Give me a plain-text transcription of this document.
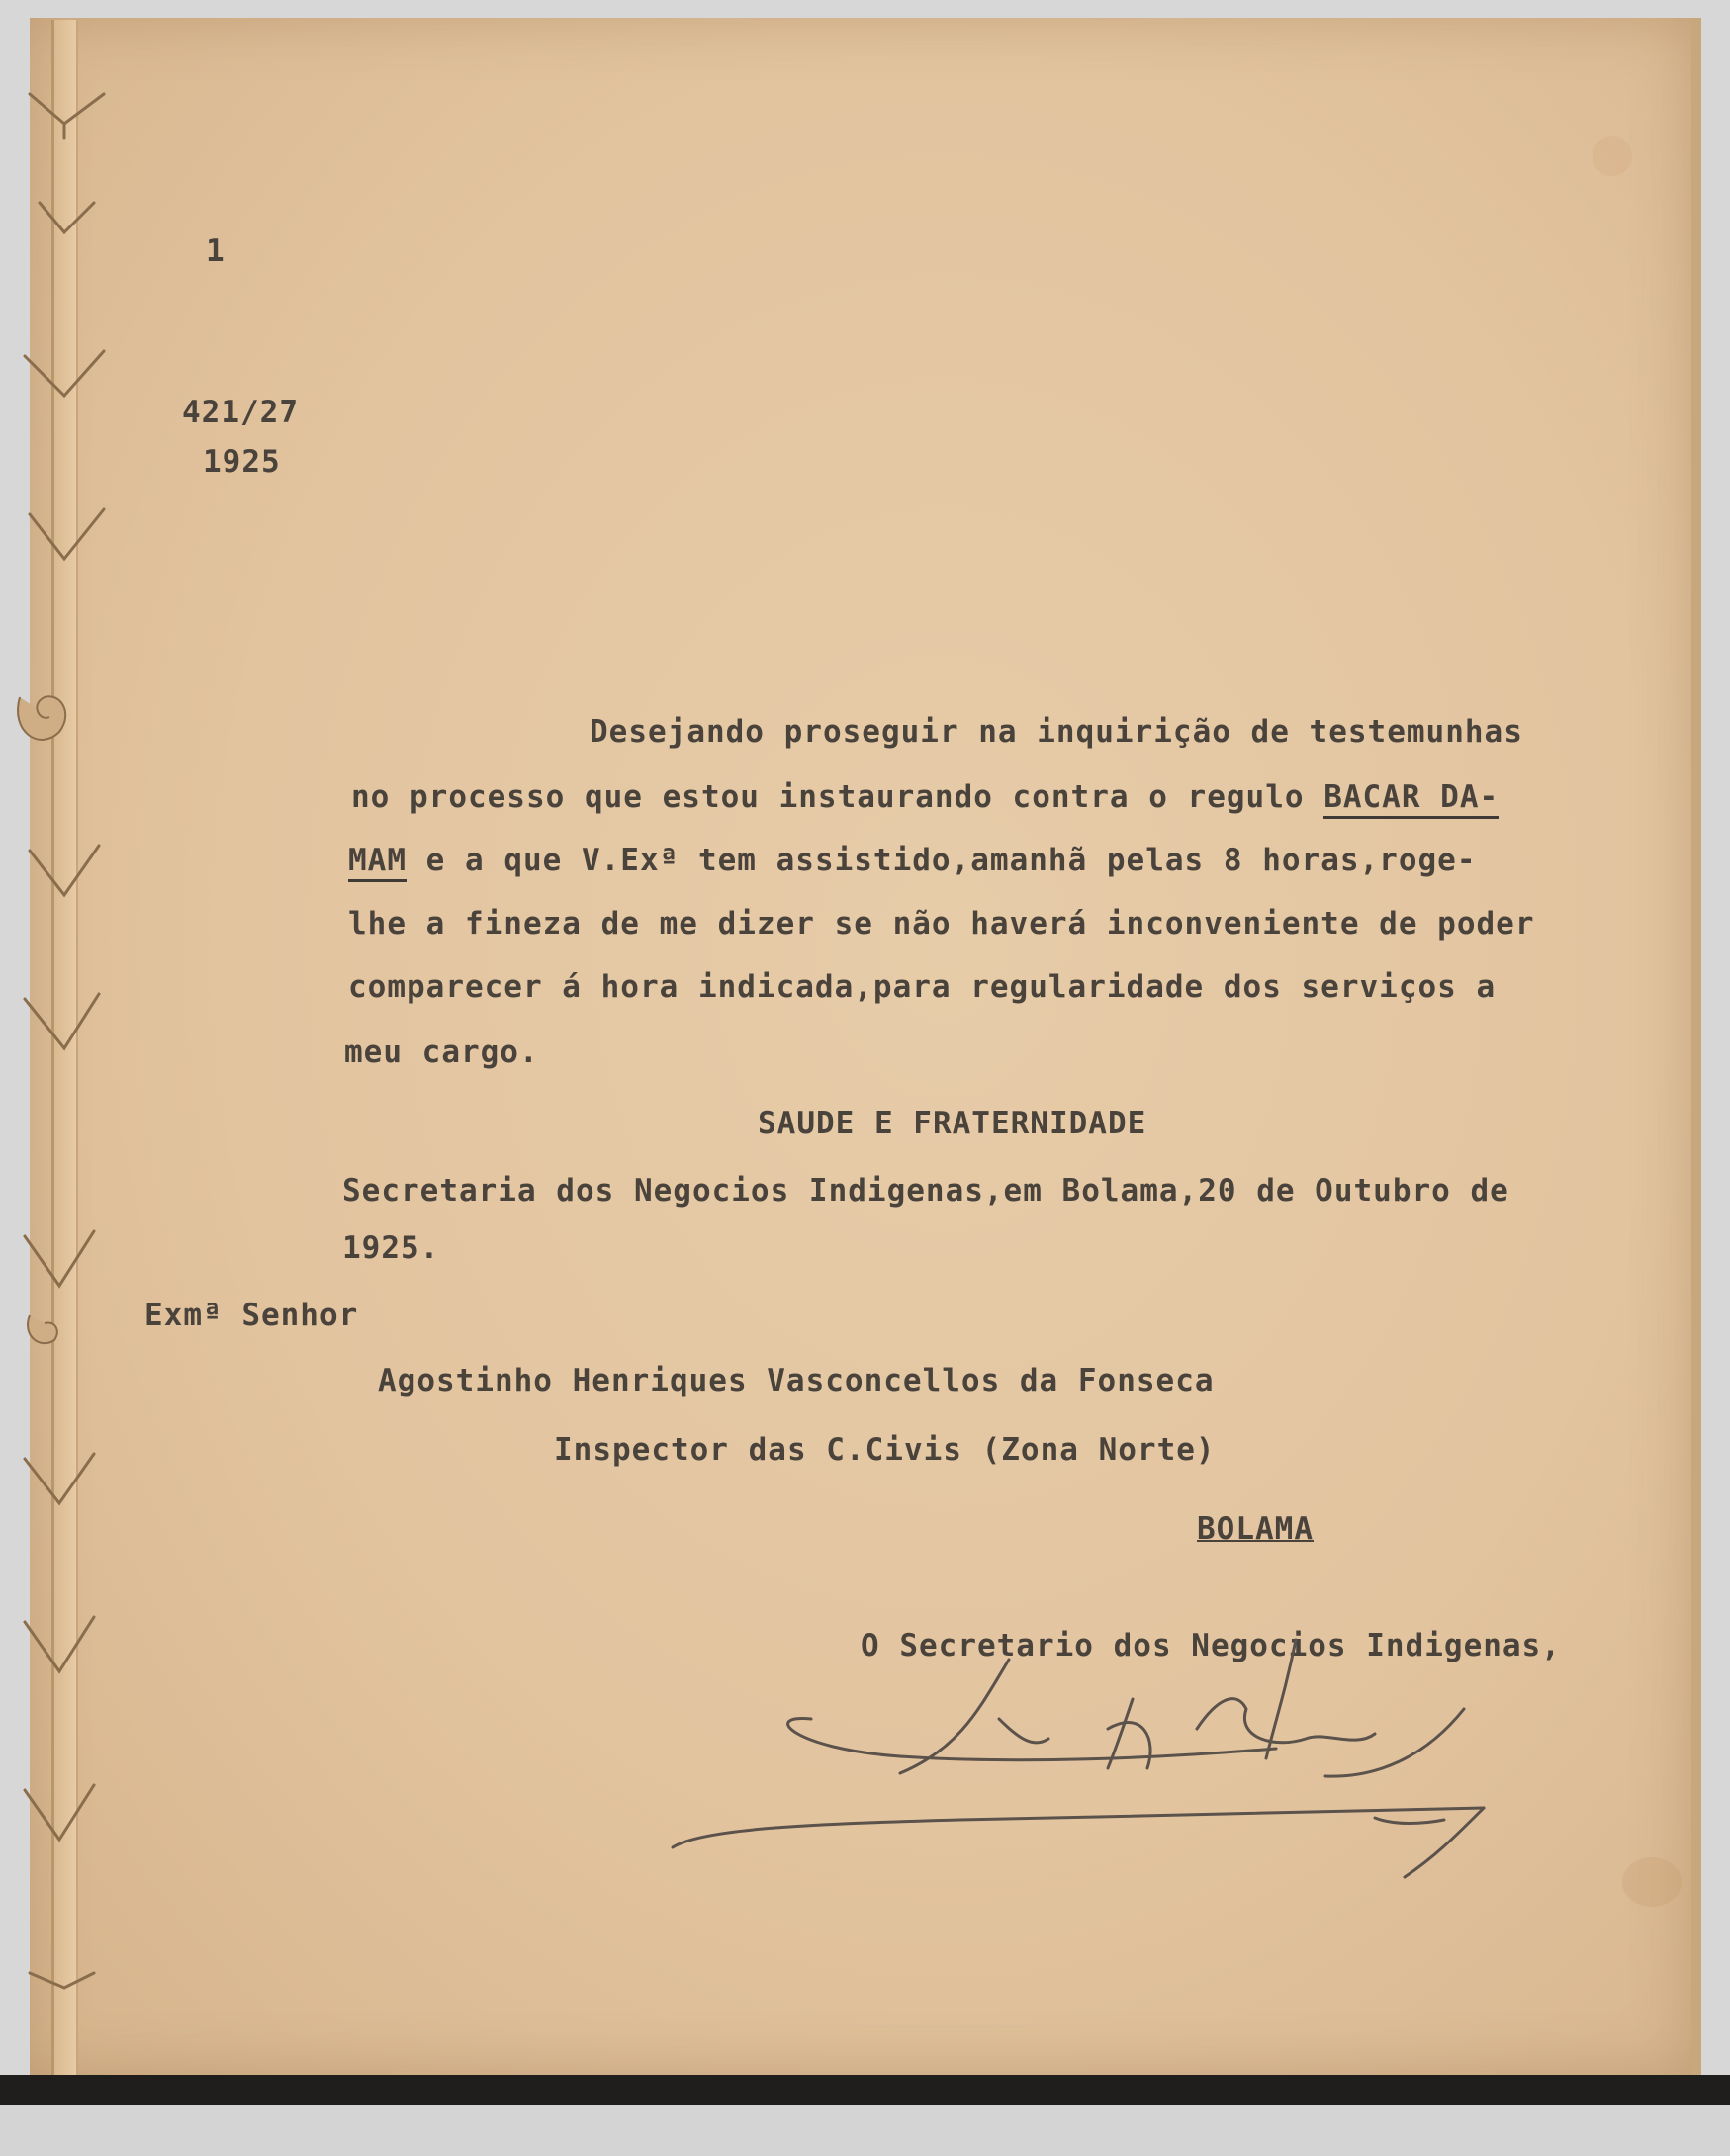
1
421/27
1925
Desejando proseguir na inquirição de testemunhas
no processo que estou instaurando contra o regulo BACAR DA-
MAM e a que V.Exª tem assistido,amanhã pelas 8 horas,roge-
lhe a fineza de me dizer se não haverá inconveniente de poder
comparecer á hora indicada,para regularidade dos serviços a
meu cargo.
SAUDE E FRATERNIDADE
Secretaria dos Negocios Indigenas,em Bolama,20 de Outubro de
1925.
Exmª Senhor
Agostinho Henriques Vasconcellos da Fonseca
Inspector das C.Civis (Zona Norte)
BOLAMA
O Secretario dos Negocios Indigenas,
